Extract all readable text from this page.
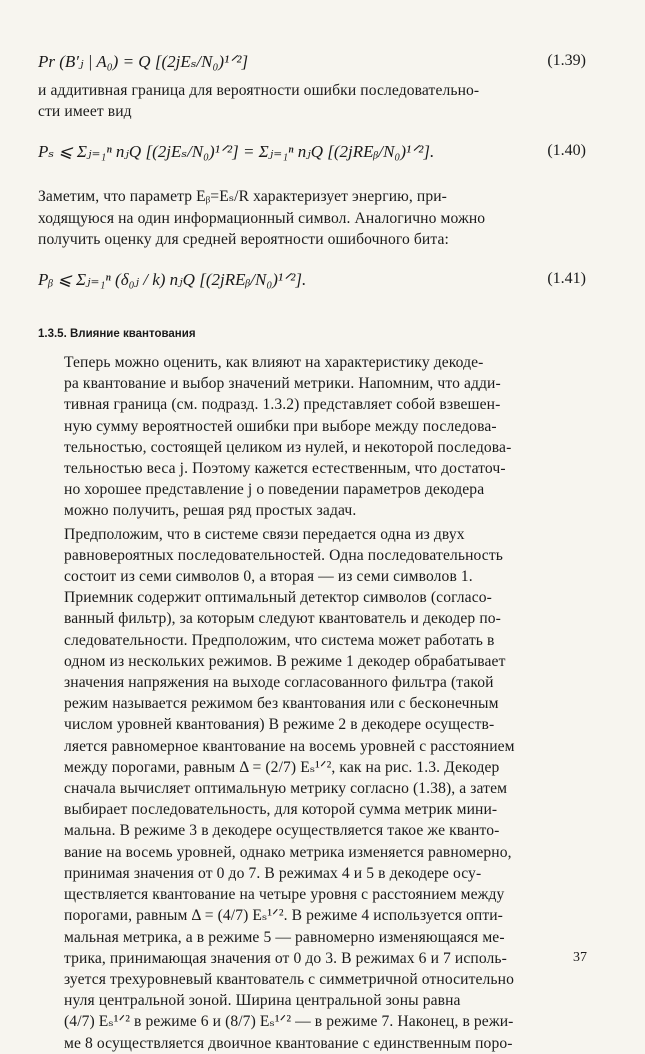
Pr (B′ⱼ | A₀) = Q [(2jEₛ/N₀)¹ᐟ²]	(1.39)

и аддитивная граница для вероятности ошибки последовательно-
сти имеет вид

Pₛ ⩽ Σⱼ₌₁ⁿ nⱼQ [(2jEₛ/N₀)¹ᐟ²] = Σⱼ₌₁ⁿ nⱼQ [(2jREᵦ/N₀)¹ᐟ²].	(1.40)

Заметим, что параметр Eᵦ=Eₛ/R характеризует энергию, при-
ходящуюся на один информационный символ. Аналогично можно
получить оценку для средней вероятности ошибочного бита:

Pᵦ ⩽ Σⱼ₌₁ⁿ (δ₀ⱼ / k) nⱼQ [(2jREᵦ/N₀)¹ᐟ²].	(1.41)
1.3.5. Влияние квантования

Теперь можно оценить, как влияют на характеристику декоде-
ра квантование и выбор значений метрики. Напомним, что адди-
тивная граница (см. подразд. 1.3.2) представляет собой взвешен-
ную сумму вероятностей ошибки при выборе между последова-
тельностью, состоящей целиком из нулей, и некоторой последова-
тельностью веса j. Поэтому кажется естественным, что достаточ-
но хорошее представление j о поведении параметров декодера
можно получить, решая ряд простых задач.

Предположим, что в системе связи передается одна из двух
равновероятных последовательностей. Одна последовательность
состоит из семи символов 0, а вторая — из семи символов 1.
Приемник содержит оптимальный детектор символов (согласо-
ванный фильтр), за которым следуют квантователь и декодер по-
следовательности. Предположим, что система может работать в
одном из нескольких режимов. В режиме 1 декодер обрабатывает
значения напряжения на выходе согласованного фильтра (такой
режим называется режимом без квантования или с бесконечным
числом уровней квантования) В режиме 2 в декодере осуществ-
ляется равномерное квантование на восемь уровней с расстоянием
между порогами, равным Δ = (2/7) Eₛ¹ᐟ², как на рис. 1.3. Декодер
сначала вычисляет оптимальную метрику согласно (1.38), а затем
выбирает последовательность, для которой сумма метрик мини-
мальна. В режиме 3 в декодере осуществляется такое же кванто-
вание на восемь уровней, однако метрика изменяется равномерно,
принимая значения от 0 до 7. В режимах 4 и 5 в декодере осу-
ществляется квантование на четыре уровня с расстоянием между
порогами, равным Δ = (4/7) Eₛ¹ᐟ². В режиме 4 используется опти-
мальная метрика, а в режиме 5 — равномерно изменяющаяся ме-
трика, принимающая значения от 0 до 3. В режимах 6 и 7 исполь-
зуется трехуровневый квантователь с симметричной относительно
нуля центральной зоной. Ширина центральной зоны равна
(4/7) Eₛ¹ᐟ² в режиме 6 и (8/7) Eₛ¹ᐟ² — в режиме 7. Наконец, в режи-
ме 8 осуществляется двоичное квантование с единственным поро-

37
